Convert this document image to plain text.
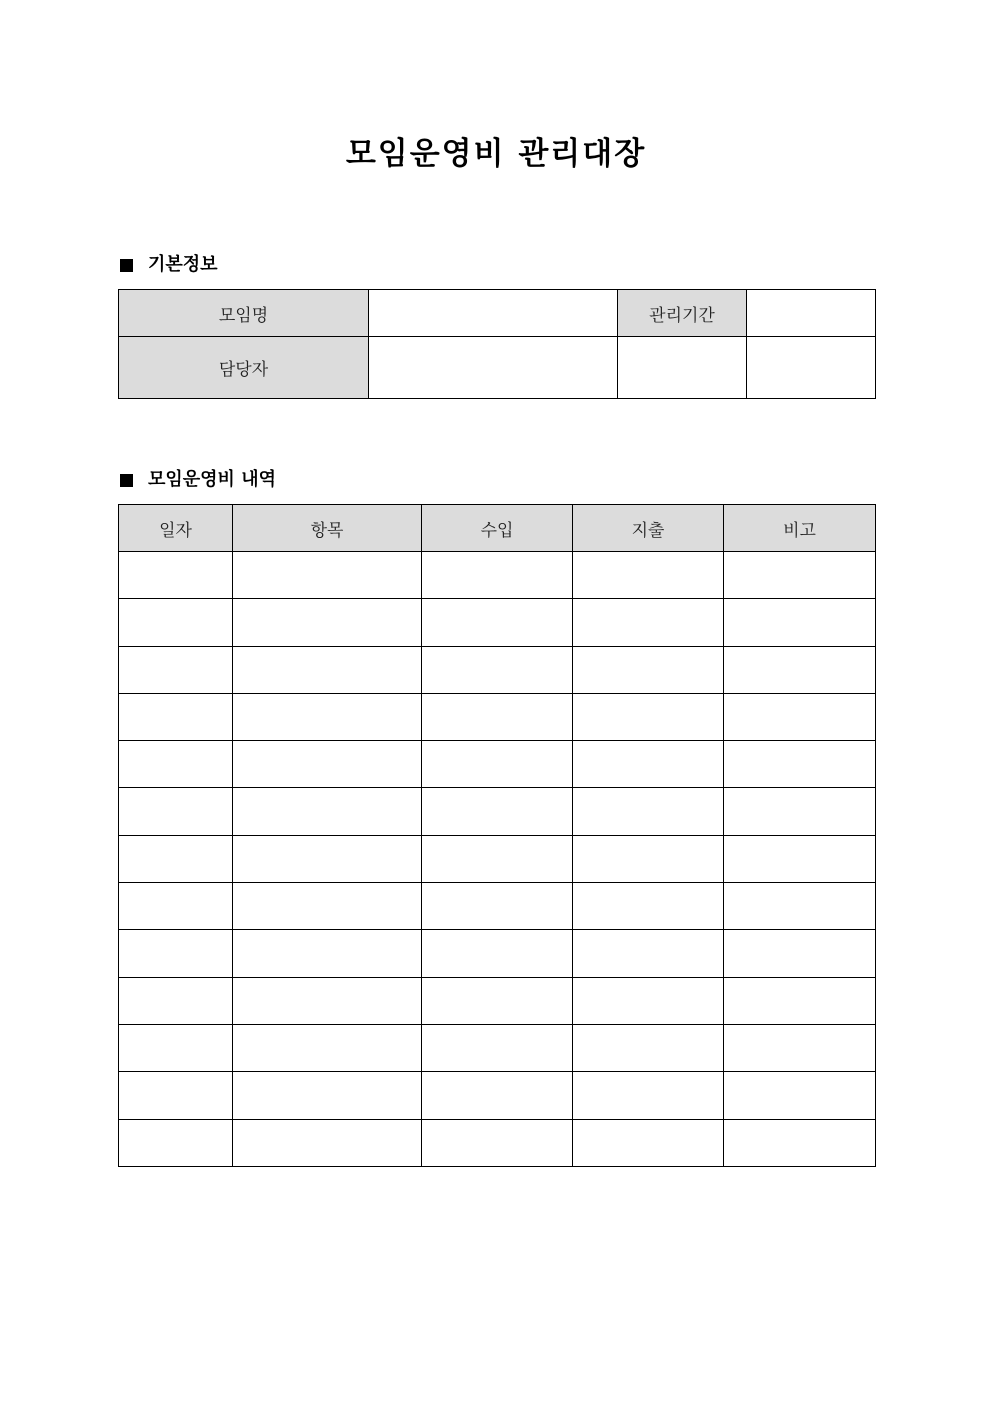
모임운영비 관리대장
기본정보
모임명		관리기간	
담당자			
모임운영비 내역
일자	항목	수입	지출	비고
